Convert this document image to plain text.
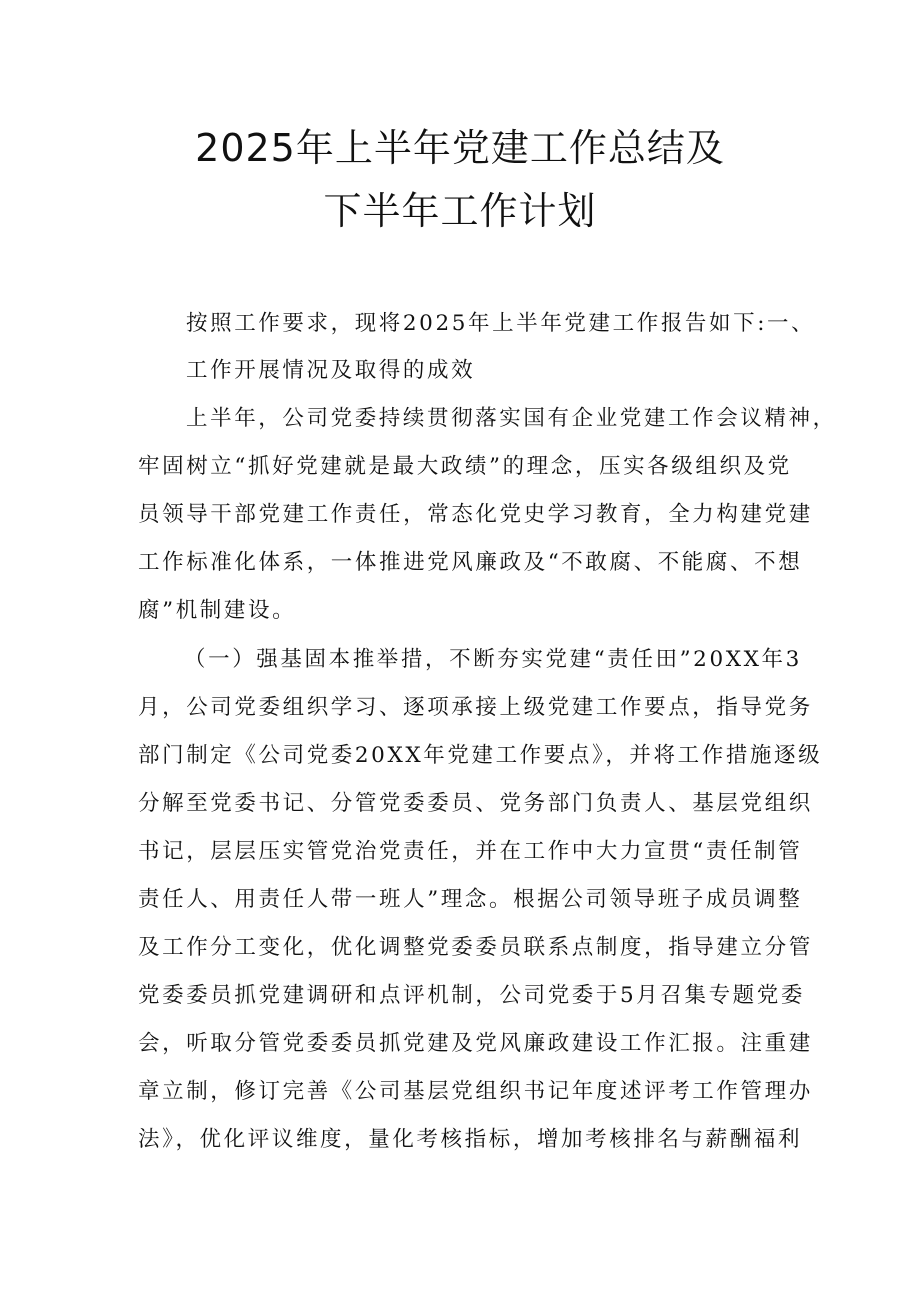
2025年上半年党建工作总结及
下半年工作计划
按照工作要求，现将2025年上半年党建工作报告如下:一、
工作开展情况及取得的成效
上半年，公司党委持续贯彻落实国有企业党建工作会议精神，
牢固树立“抓好党建就是最大政绩”的理念，压实各级组织及党
员领导干部党建工作责任，常态化党史学习教育，全力构建党建
工作标准化体系，一体推进党风廉政及“不敢腐、不能腐、不想
腐”机制建设。
（一）强基固本推举措，不断夯实党建“责任田”20XX年3
月，公司党委组织学习、逐项承接上级党建工作要点，指导党务
部门制定《公司党委20XX年党建工作要点》，并将工作措施逐级
分解至党委书记、分管党委委员、党务部门负责人、基层党组织
书记，层层压实管党治党责任，并在工作中大力宣贯“责任制管
责任人、用责任人带一班人”理念。根据公司领导班子成员调整
及工作分工变化，优化调整党委委员联系点制度，指导建立分管
党委委员抓党建调研和点评机制，公司党委于5月召集专题党委
会，听取分管党委委员抓党建及党风廉政建设工作汇报。注重建
章立制，修订完善《公司基层党组织书记年度述评考工作管理办
法》，优化评议维度，量化考核指标，增加考核排名与薪酬福利
